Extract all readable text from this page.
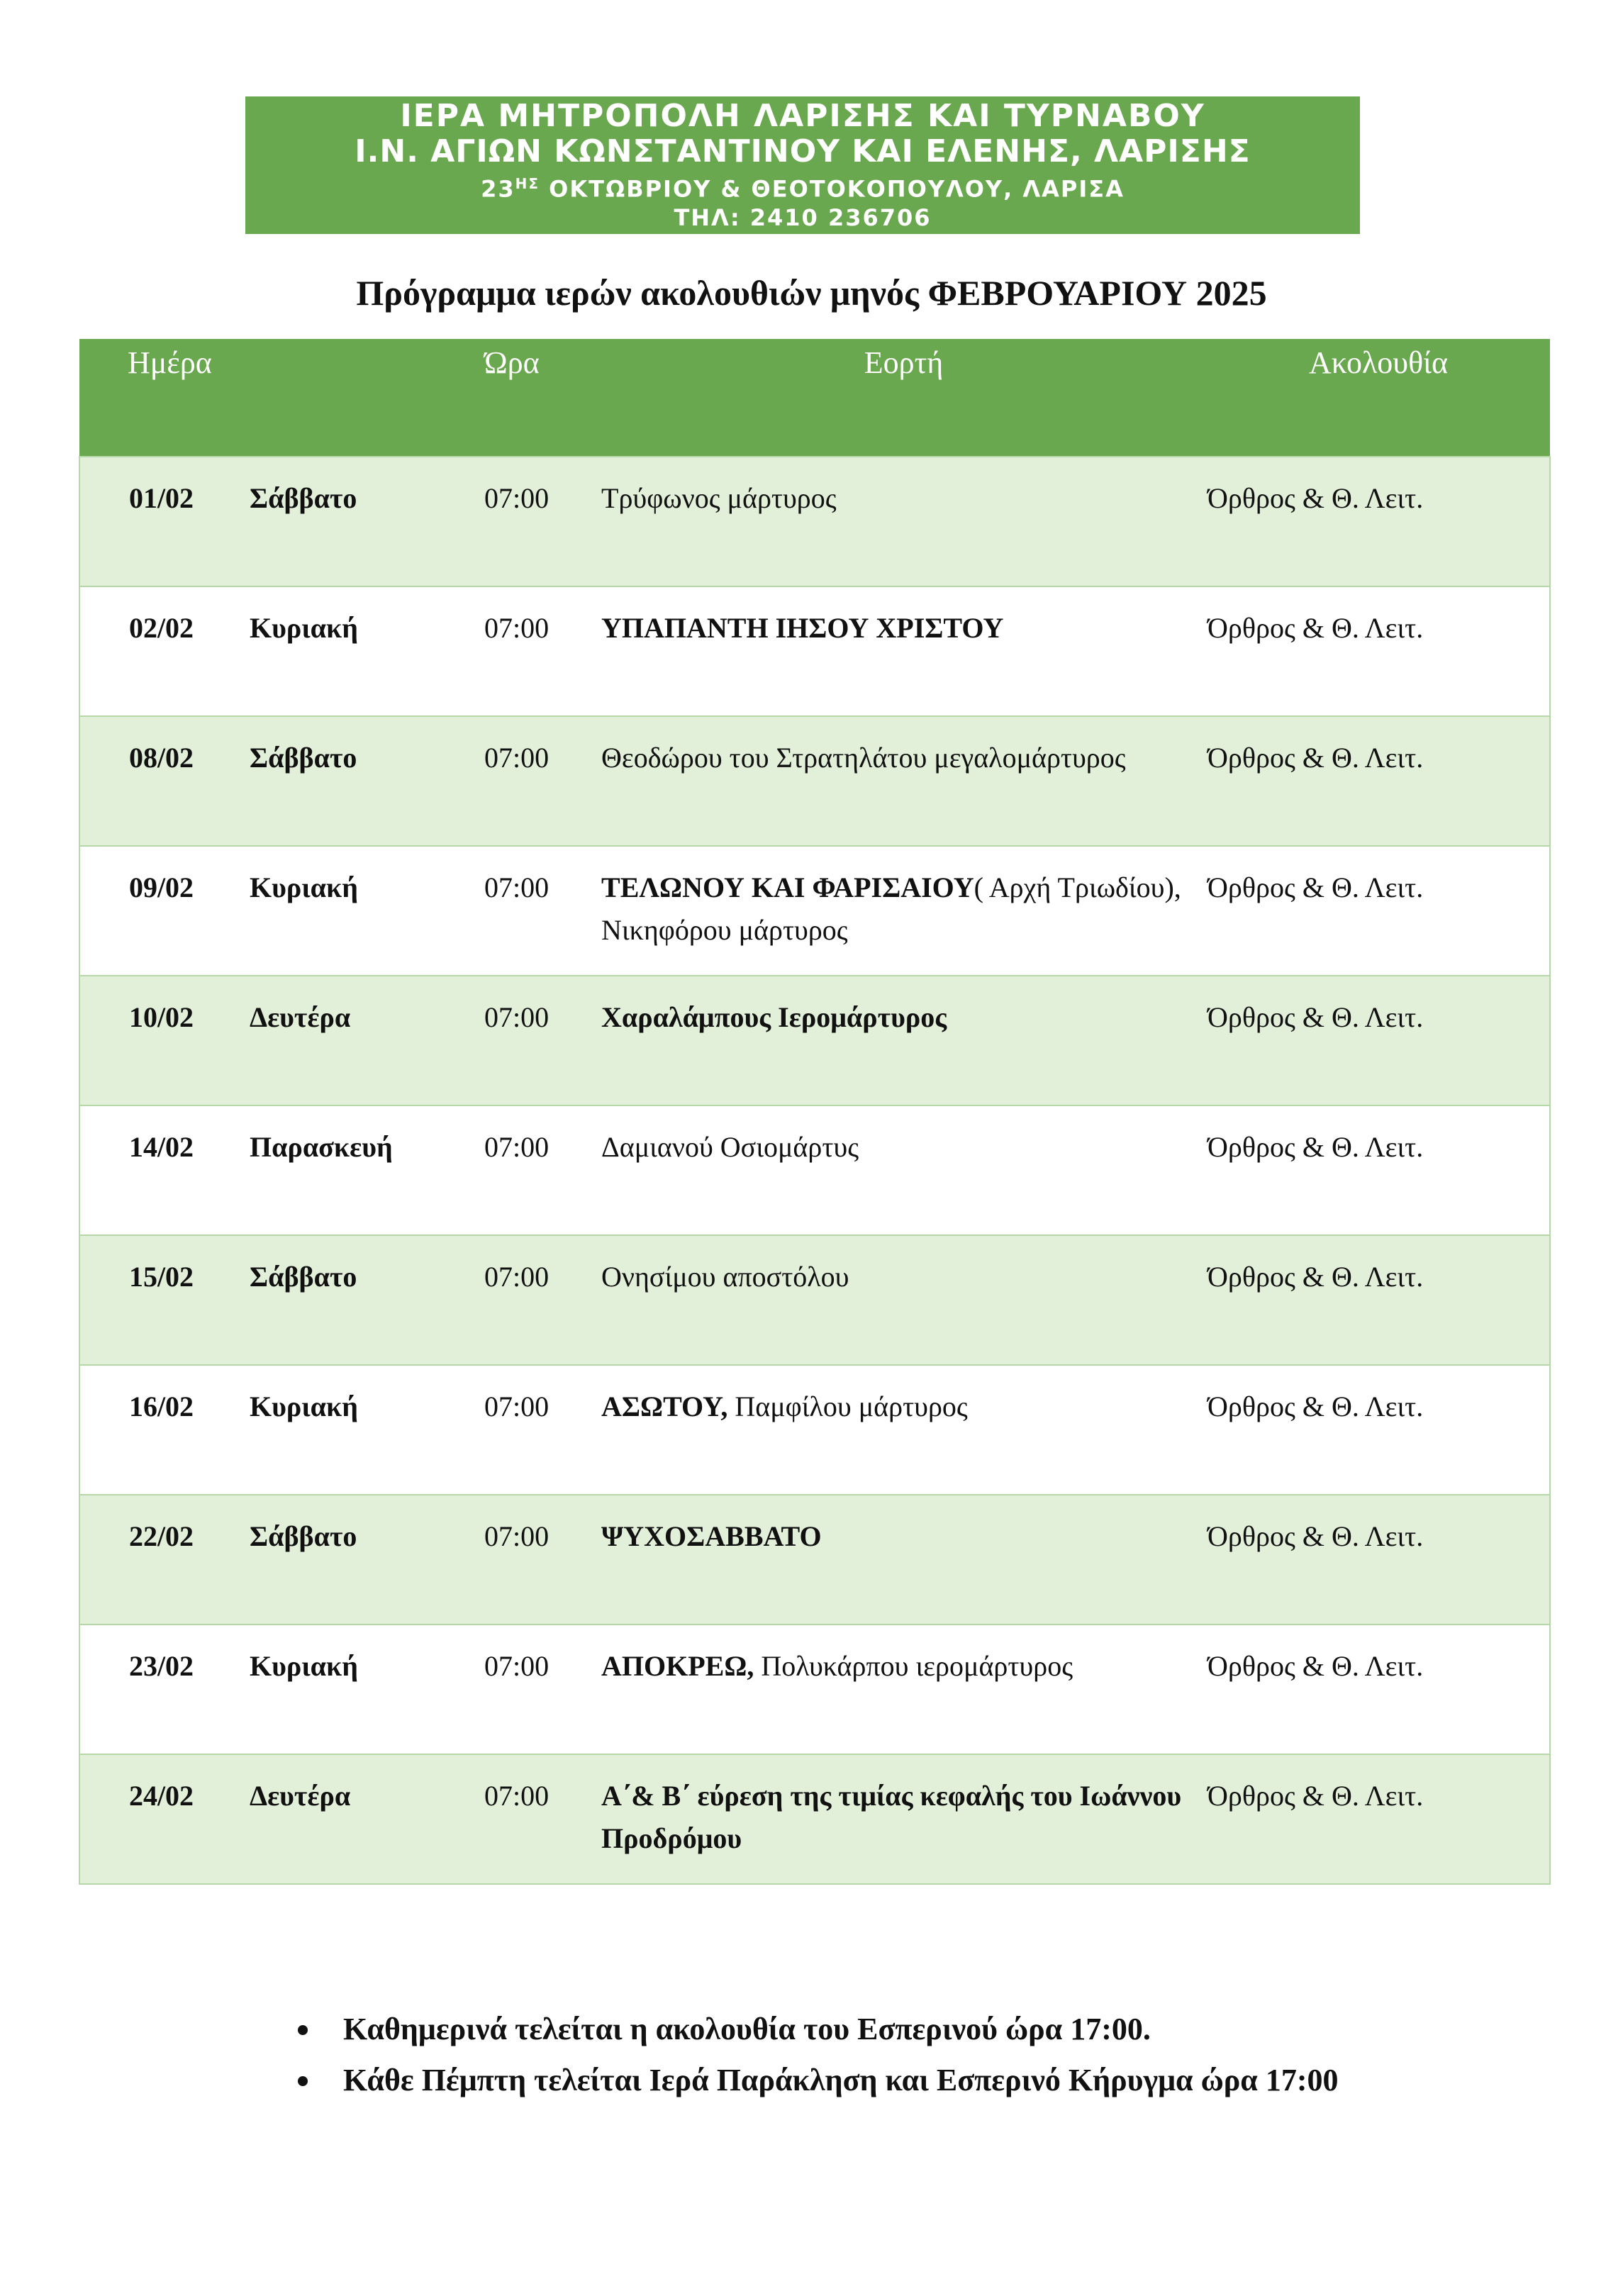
ΙΕΡΑ ΜΗΤΡΟΠΟΛΗ ΛΑΡΙΣΗΣ ΚΑΙ ΤΥΡΝΑΒΟΥ
Ι.Ν. ΑΓΙΩΝ ΚΩΝΣΤΑΝΤΙΝΟΥ ΚΑΙ ΕΛΕΝΗΣ, ΛΑΡΙΣΗΣ
$23^{H\Sigma}$ ΟΚΤΩΒΡΙΟΥ & ΘΕΟΤΟΚΟΠΟΥΛΟΥ, ΛΑΡΙΣΑ
ΤΗΛ: 2410 236706
Πρόγραμμα ιερών ακολουθιών μηνός ΦΕΒΡΟΥΑΡΙΟΥ 2025
Ημέρα		Ώρα	Εορτή	Ακολουθία
01/02	Σάββατο	07:00	Τρύφωνος μάρτυρος	Όρθρος & Θ. Λειτ.
02/02	Κυριακή	07:00	ΥΠΑΠΑΝΤΗ ΙΗΣΟΥ ΧΡΙΣΤΟΥ	Όρθρος & Θ. Λειτ.
08/02	Σάββατο	07:00	Θεοδώρου του Στρατηλάτου μεγαλομάρτυρος	Όρθρος & Θ. Λειτ.
09/02	Κυριακή	07:00	ΤΕΛΩΝΟΥ ΚΑΙ ΦΑΡΙΣΑΙΟΥ( Αρχή Τριωδίου), Νικηφόρου μάρτυρος	Όρθρος & Θ. Λειτ.
10/02	Δευτέρα	07:00	Χαραλάμπους Ιερομάρτυρος	Όρθρος & Θ. Λειτ.
14/02	Παρασκευή	07:00	Δαμιανού Οσιομάρτυς	Όρθρος & Θ. Λειτ.
15/02	Σάββατο	07:00	Ονησίμου αποστόλου	Όρθρος & Θ. Λειτ.
16/02	Κυριακή	07:00	ΑΣΩΤΟΥ, Παμφίλου μάρτυρος	Όρθρος & Θ. Λειτ.
22/02	Σάββατο	07:00	ΨΥΧΟΣΑΒΒΑΤΟ	Όρθρος & Θ. Λειτ.
23/02	Κυριακή	07:00	ΑΠΟΚΡΕΩ, Πολυκάρπου ιερομάρτυρος	Όρθρος & Θ. Λειτ.
24/02	Δευτέρα	07:00	Α΄& Β΄ εύρεση της τιμίας κεφαλής του Ιωάννου Προδρόμου	Όρθρος & Θ. Λειτ.
Καθημερινά τελείται η ακολουθία του Εσπερινού ώρα 17:00.
Κάθε Πέμπτη τελείται Ιερά Παράκληση και Εσπερινό Κήρυγμα ώρα 17:00
